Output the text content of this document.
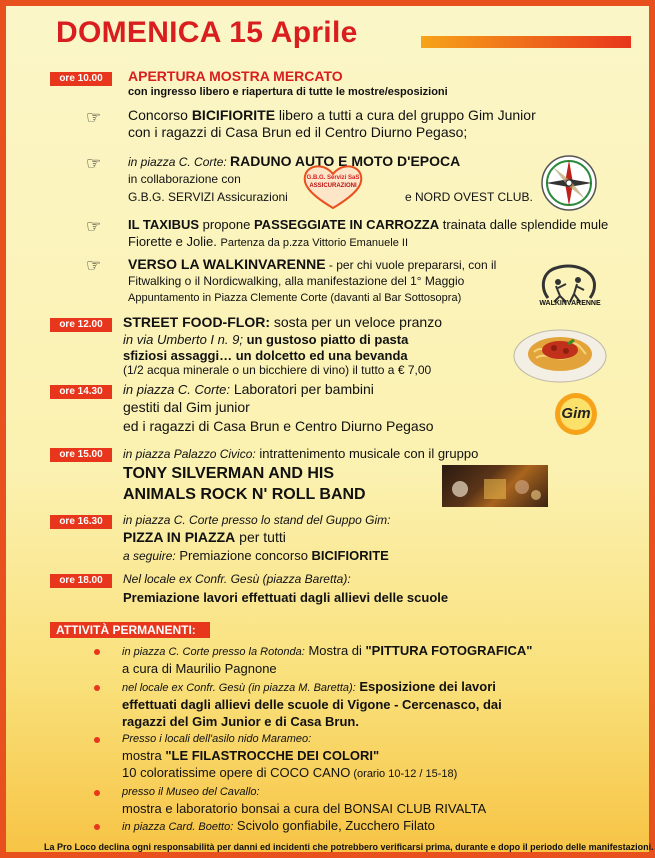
DOMENICA 15 Aprile
ore 10.00	APERTURA MOSTRA MERCATO
con ingresso libero e riapertura di tutte le mostre/esposizioni
☞ Concorso BICIFIORITE libero a tutti a cura del gruppo Gim Junior
con i ragazzi di Casa Brun ed il Centro Diurno Pegaso;
☞ in piazza C. Corte: RADUNO AUTO E MOTO D'EPOCA
in collaborazione con
G.B.G. SERVIZI Assicurazioni	e NORD OVEST CLUB.
G.B.G. Servizi SaS
ASSICURAZIONI
☞ IL TAXIBUS propone PASSEGGIATE IN CARROZZA trainata dalle splendide mule
Fiorette e Jolie. Partenza da p.zza Vittorio Emanuele II
☞ VERSO LA WALKINVARENNE - per chi vuole prepararsi, con il
Fitwalking o il Nordicwalking, alla manifestazione del 1° Maggio
Appuntamento in Piazza Clemente Corte (davanti al Bar Sottosopra)	WALKINVARENNE
ore 12.00	STREET FOOD-FLOR: sosta per un veloce pranzo
in via Umberto I n. 9; un gustoso piatto di pasta
sfiziosi assaggi… un dolcetto ed una bevanda
(1/2 acqua minerale o un bicchiere di vino) il tutto a € 7,00
ore 14.30	in piazza C. Corte: Laboratori per bambini
gestiti dal Gim junior
ed i ragazzi di Casa Brun e Centro Diurno Pegaso
Gim
ore 15.00	in piazza Palazzo Civico: intrattenimento musicale con il gruppo
TONY SILVERMAN AND HIS
ANIMALS ROCK N' ROLL BAND
ore 16.30	in piazza C. Corte presso lo stand del Guppo Gim:
PIZZA IN PIAZZA per tutti
a seguire: Premiazione concorso BICIFIORITE
ore 18.00	Nel locale ex Confr. Gesù (piazza Baretta):
Premiazione lavori effettuati dagli allievi delle scuole
ATTIVITÀ PERMANENTI:
in piazza C. Corte presso la Rotonda: Mostra di "PITTURA FOTOGRAFICA"
a cura di Maurilio Pagnone
nel locale ex Confr. Gesù (in piazza M. Baretta): Esposizione dei lavori
effettuati dagli allievi delle scuole di Vigone - Cercenasco, dai
ragazzi del Gim Junior e di Casa Brun.
Presso i locali dell'asilo nido Marameo:
mostra "LE FILASTROCCHE DEI COLORI"
10 coloratissime opere di COCO CANO (orario 10-12 / 15-18)
presso il Museo del Cavallo:
mostra e laboratorio bonsai a cura del BONSAI CLUB RIVALTA
in piazza Card. Boetto: Scivolo gonfiabile, Zucchero Filato
La Pro Loco declina ogni responsabilità per danni ed incidenti che potrebbero verificarsi prima, durante e dopo il periodo delle manifestazioni.
